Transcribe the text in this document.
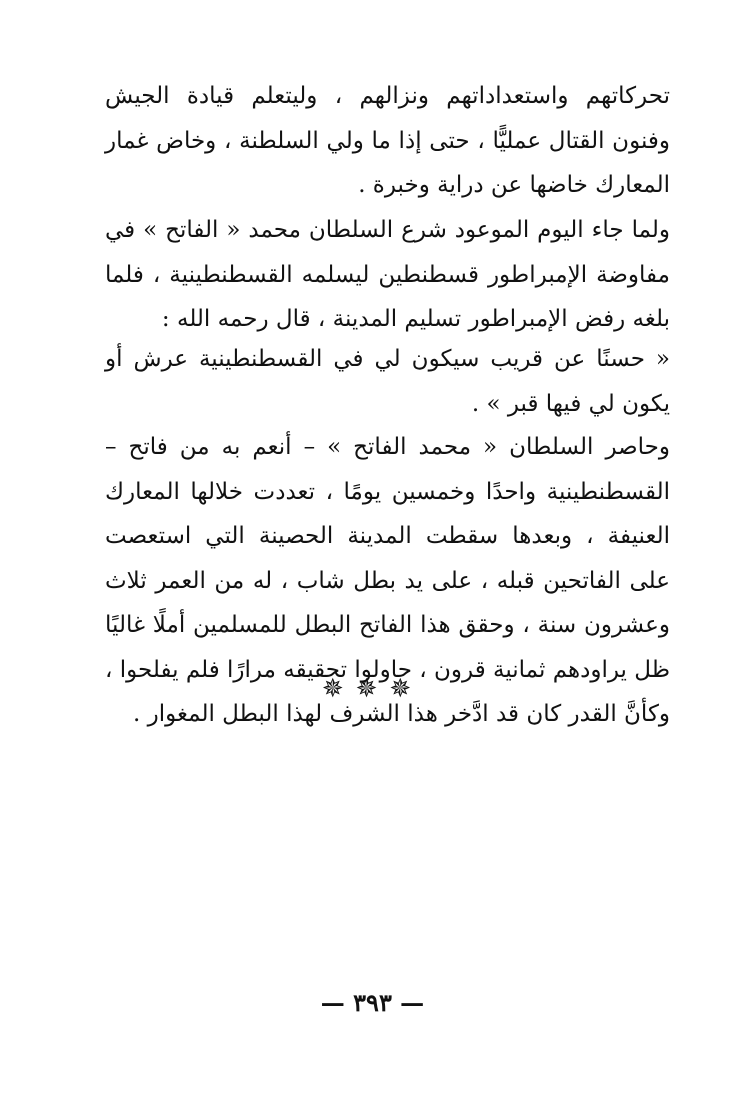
تحركاتهم واستعداداتهم ونزالهم ، وليتعلم قيادة الجيش وفنون القتال عمليًّا ، حتى إذا ما ولي السلطنة ، وخاض غمار المعارك خاضها عن دراية وخبرة .

ولما جاء اليوم الموعود شرع السلطان محمد « الفاتح » في مفاوضة الإمبراطور قسطنطين ليسلمه القسطنطينية ، فلما بلغه رفض الإمبراطور تسليم المدينة ، قال رحمه الله :

« حسنًا عن قريب سيكون لي في القسطنطينية عرش أو يكون لي فيها قبر » .

وحاصر السلطان « محمد الفاتح » – أنعم به من فاتح – القسطنطينية واحدًا وخمسين يومًا ، تعددت خلالها المعارك العنيفة ، وبعدها سقطت المدينة الحصينة التي استعصت على الفاتحين قبله ، على يد بطل شاب ، له من العمر ثلاث وعشرون سنة ، وحقق هذا الفاتح البطل للمسلمين أملًا غاليًا ظل يراودهم ثمانية قرون ، حاولوا تحقيقه مرارًا فلم يفلحوا ، وكأنَّ القدر كان قد ادَّخر هذا الشرف لهذا البطل المغوار .

✵✵✵
— ٣٩٣ —
